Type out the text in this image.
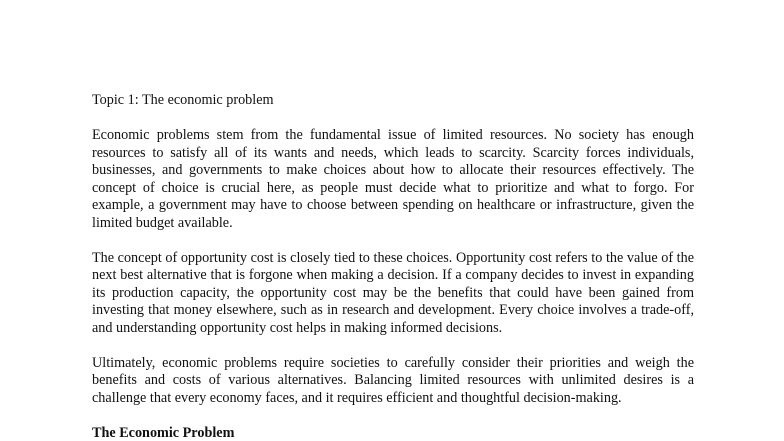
Topic 1: The economic problem

Economic problems stem from the fundamental issue of limited resources. No society has enough resources to satisfy all of its wants and needs, which leads to scarcity. Scarcity forces individuals, businesses, and governments to make choices about how to allocate their resources effectively. The concept of choice is crucial here, as people must decide what to prioritize and what to forgo. For example, a government may have to choose between spending on healthcare or infrastructure, given the limited budget available.

The concept of opportunity cost is closely tied to these choices. Opportunity cost refers to the value of the next best alternative that is forgone when making a decision. If a company decides to invest in expanding its production capacity, the opportunity cost may be the benefits that could have been gained from investing that money elsewhere, such as in research and development. Every choice involves a trade-off, and understanding opportunity cost helps in making informed decisions.

Ultimately, economic problems require societies to carefully consider their priorities and weigh the benefits and costs of various alternatives. Balancing limited resources with unlimited desires is a challenge that every economy faces, and it requires efficient and thoughtful decision-making.

The Economic Problem
